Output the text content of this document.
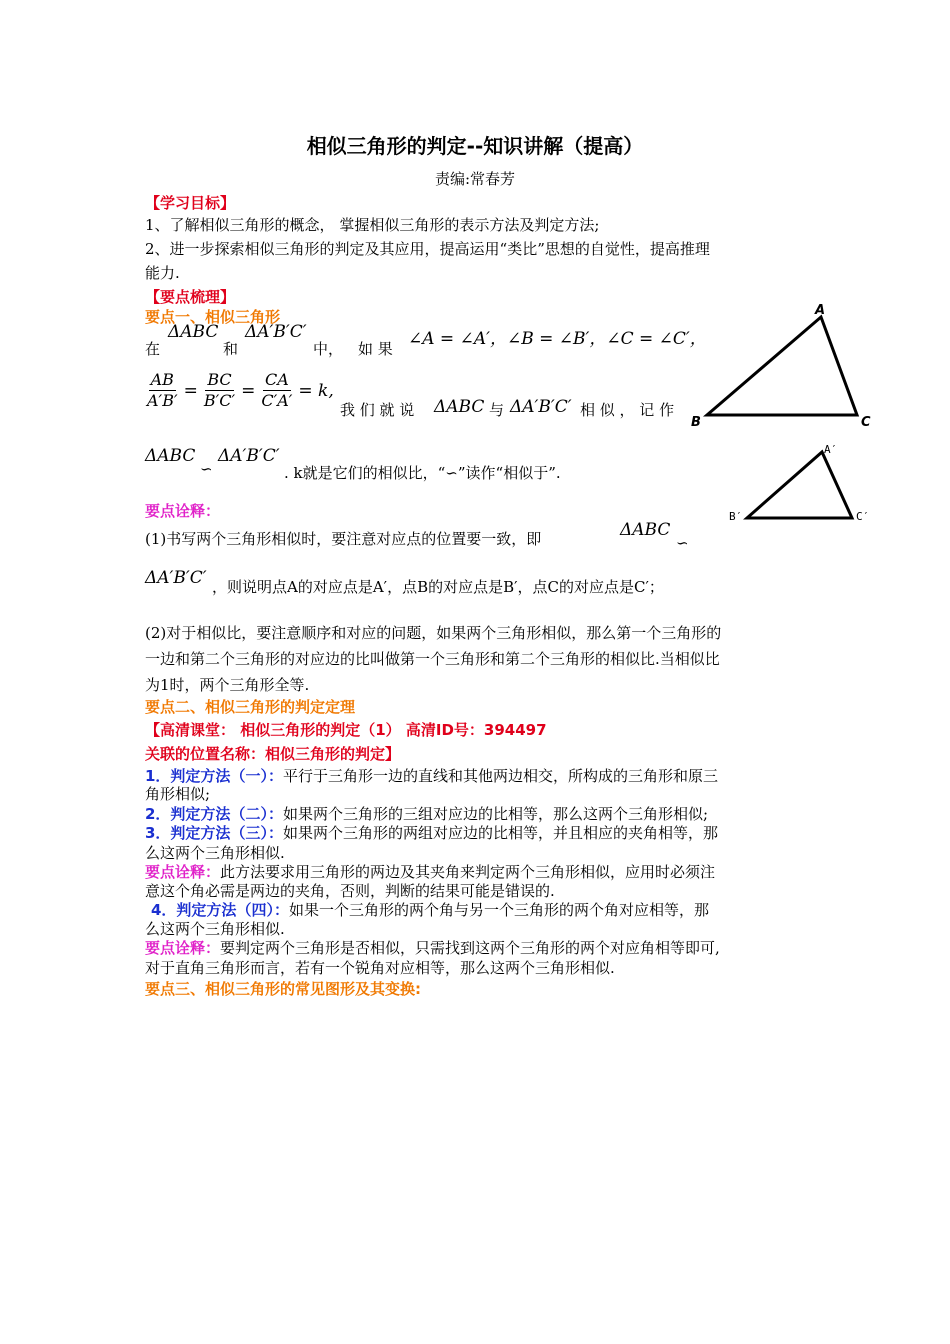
相似三角形的判定--知识讲解（提高）
责编:常春芳
【学习目标】
1、了解相似三角形的概念， 掌握相似三角形的表示方法及判定方法;
2、进一步探索相似三角形的判定及其应用，提高运用“类比”思想的自觉性，提高推理
能力.
【要点梳理】
要点一、相似三角形
在
ΔABC
和
ΔA′B′C′
中， 如 果 ∠A = ∠A′，∠B = ∠B′，∠C = ∠C′，
$\frac{AB}{A'B'} = \frac{BC}{B'C'} = \frac{CA}{C'A'} = k$,
我 们 就 说 ΔABC 与 ΔA′B′C′ 相 似 ， 记 作
ΔABC
∽
ΔA′B′C′
. k就是它们的相似比，“∽”读作“相似于”.
要点诠释：
(1)书写两个三角形相似时，要注意对应点的位置要一致，即	ΔABC
∽
ΔA′B′C′ ，则说明点A的对应点是A′，点B的对应点是B′，点C的对应点是C′；
(2)对于相似比，要注意顺序和对应的问题，如果两个三角形相似，那么第一个三角形的
一边和第二个三角形的对应边的比叫做第一个三角形和第二个三角形的相似比.当相似比
为1时，两个三角形全等.
要点二、相似三角形的判定定理
【高清课堂： 相似三角形的判定（1） 高清ID号：394497
关联的位置名称：相似三角形的判定】
1．判定方法（一）：平行于三角形一边的直线和其他两边相交，所构成的三角形和原三
角形相似;
2．判定方法（二）：如果两个三角形的三组对应边的比相等，那么这两个三角形相似;
3．判定方法（三）：如果两个三角形的两组对应边的比相等，并且相应的夹角相等，那
么这两个三角形相似.
要点诠释：此方法要求用三角形的两边及其夹角来判定两个三角形相似，应用时必须注
意这个角必需是两边的夹角，否则，判断的结果可能是错误的.
4．判定方法（四）：如果一个三角形的两个角与另一个三角形的两个角对应相等，那
么这两个三角形相似.
要点诠释：要判定两个三角形是否相似，只需找到这两个三角形的两个对应角相等即可,
对于直角三角形而言，若有一个锐角对应相等，那么这两个三角形相似.
要点三、相似三角形的常见图形及其变换:
A
B	C
A′
B′	C′
